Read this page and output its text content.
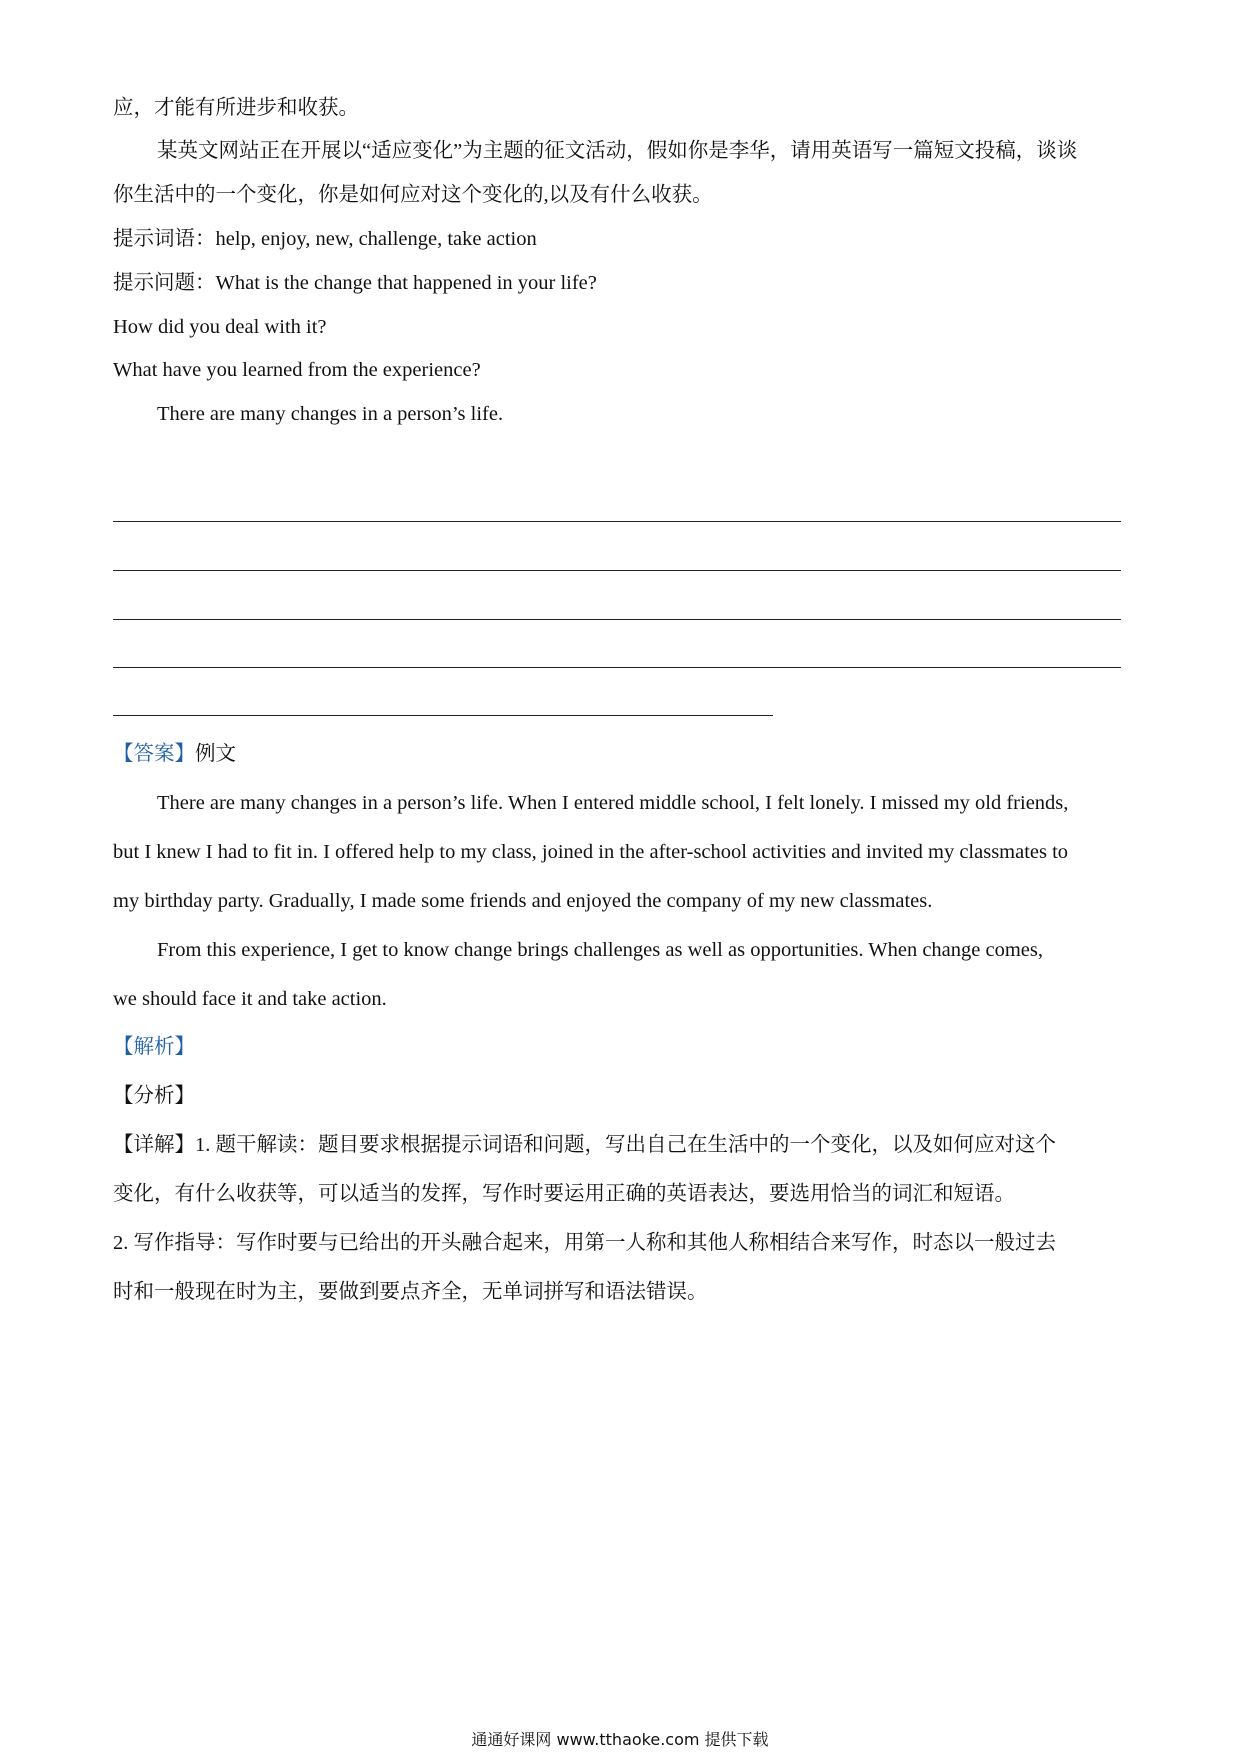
应，才能有所进步和收获。
某英文网站正在开展以“适应变化”为主题的征文活动，假如你是李华，请用英语写一篇短文投稿，谈谈
你生活中的一个变化，你是如何应对这个变化的,以及有什么收获。
提示词语：help, enjoy, new, challenge, take action
提示问题：What is the change that happened in your life?
How did you deal with it?
What have you learned from the experience?
There are many changes in a person’s life.
【答案】例文
There are many changes in a person’s life. When I entered middle school, I felt lonely. I missed my old friends,
but I knew I had to fit in. I offered help to my class, joined in the after-school activities and invited my classmates to
my birthday party. Gradually, I made some friends and enjoyed the company of my new classmates.
From this experience, I get to know change brings challenges as well as opportunities. When change comes,
we should face it and take action.
【解析】
【分析】
【详解】1. 题干解读：题目要求根据提示词语和问题，写出自己在生活中的一个变化，以及如何应对这个
变化，有什么收获等，可以适当的发挥，写作时要运用正确的英语表达，要选用恰当的词汇和短语。
2. 写作指导：写作时要与已给出的开头融合起来，用第一人称和其他人称相结合来写作，时态以一般过去
时和一般现在时为主，要做到要点齐全，无单词拼写和语法错误。
通通好课网 www.tthaoke.com 提供下载
